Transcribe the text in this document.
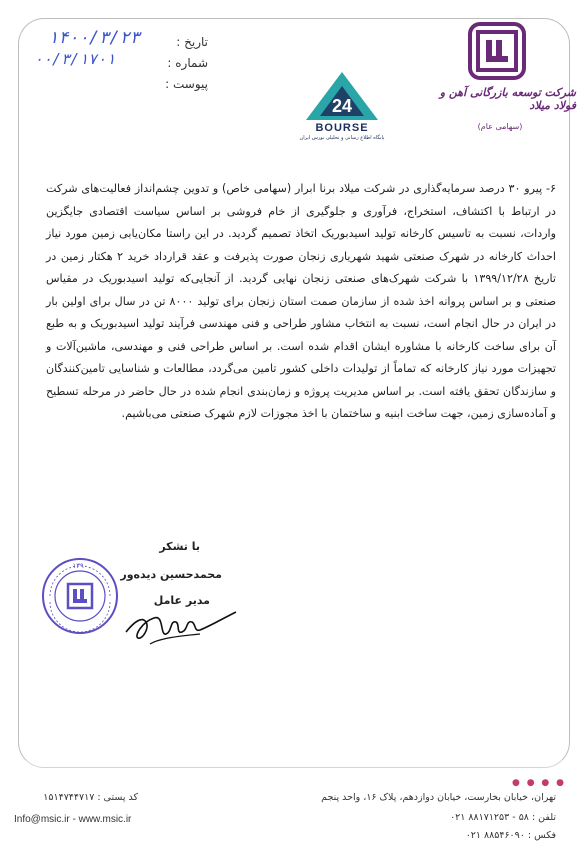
تاریخ :
شماره :
پیوست :
۱۴۰۰/۳/۲۳
۰۰/۳/۱۷۰۱
شرکت توسعه بازرگانی آهن و فولاد میلاد
(سهامی عام)
24
BOURSE
پایگاه اطلاع رسانی و تحلیلی بورس ایران

۶- پیرو ۳۰ درصد سرمایه‌گذاری در شرکت میلاد برنا ابرار (سهامی خاص) و تدوین چشم‌انداز فعالیت‌های شرکت در ارتباط با اکتشاف، استخراج، فرآوری و جلوگیری از خام فروشی بر اساس سیاست اقتصادی جایگزین واردات، نسبت به تاسیس کارخانه تولید اسیدبوریک اتخاذ تصمیم گردید. در این راستا مکان‌یابی زمین مورد نیاز احداث کارخانه در شهرک صنعتی شهید شهریاری زنجان صورت پذیرفت و عقد قرارداد خرید ۲ هکتار زمین در تاریخ ۱۳۹۹/۱۲/۲۸ با شرکت شهرک‌های صنعتی زنجان نهایی گردید. از آنجایی‌که تولید اسیدبوریک در مقیاس صنعتی و بر اساس پروانه اخذ شده از سازمان صمت استان زنجان برای تولید ۸۰۰۰ تن در سال برای اولین بار در ایران در حال انجام است، نسبت به انتخاب مشاور طراحی و فنی مهندسی فرآیند تولید اسیدبوریک و به طبع آن برای ساخت کارخانه با مشاوره ایشان اقدام شده است. بر اساس طراحی فنی و مهندسی، ماشین‌آلات و تجهیزات مورد نیاز کارخانه که تماماً از تولیدات داخلی کشور تامین می‌گردد، مطالعات و شناسایی تامین‌کنندگان و سازندگان تحقق یافته است. بر اساس مدیریت پروژه و زمان‌بندی انجام شده در حال حاضر در مرحله تسطیح و آماده‌سازی زمین، جهت ساخت ابنیه و ساختمان با اخذ مجوزات لازم شهرک صنعتی می‌باشیم.

با تشکر
محمدحسین دیده‌ور
مدیر عامل
۱۳۹۰
● ● ● ●
تهران، خیابان بخارست، خیابان دوازدهم، پلاک ۱۶، واحد پنجم
تلفن : ۵۸ - ۸۸۱۷۱۲۵۳ ۰۲۱
فکس : ۸۸۵۴۶۰۹۰ ۰۲۱
کد پستی : ۱۵۱۴۷۴۴۷۱۷
Info@msic.ir - www.msic.ir
